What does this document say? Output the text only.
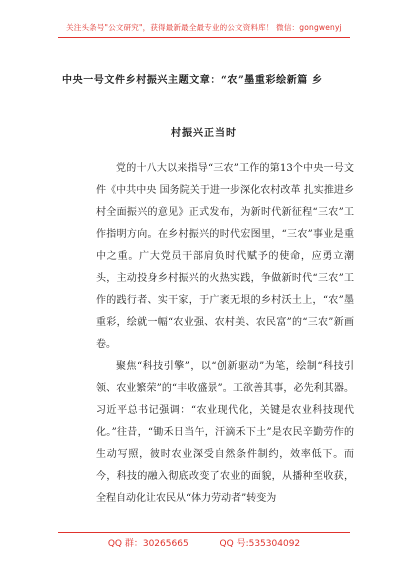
关注头条号"公文研究"，获得最新最全最专业的公文资料库！ 微信：gongwenyj
中央一号文件乡村振兴主题文章：“农”墨重彩绘新篇 乡
村振兴正当时

党的十八大以来指导“三农”工作的第13个中央一号文件《中共中央 国务院关于进一步深化农村改革 扎实推进乡村全面振兴的意见》正式发布，为新时代新征程“三农”工作指明方向。在乡村振兴的时代宏图里，“三农”事业是重中之重。广大党员干部肩负时代赋予的使命，应勇立潮头，主动投身乡村振兴的火热实践，争做新时代“三农”工作的践行者、实干家，于广袤无垠的乡村沃土上，“农”墨重彩，绘就一幅“农业强、农村美、农民富”的“三农”新画卷。

聚焦“科技引擎”，以“创新驱动”为笔，绘制“科技引领、农业繁荣”的“丰收盛景”。工欲善其事，必先利其器。习近平总书记强调：“农业现代化，关键是农业科技现代化。”往昔，“锄禾日当午，汗滴禾下土”是农民辛勤劳作的生动写照，彼时农业深受自然条件制约，效率低下。而今，科技的融入彻底改变了农业的面貌，从播种至收获，全程自动化让农民从“体力劳动者”转变为

QQ 群：30265665	QQ 号:535304092
